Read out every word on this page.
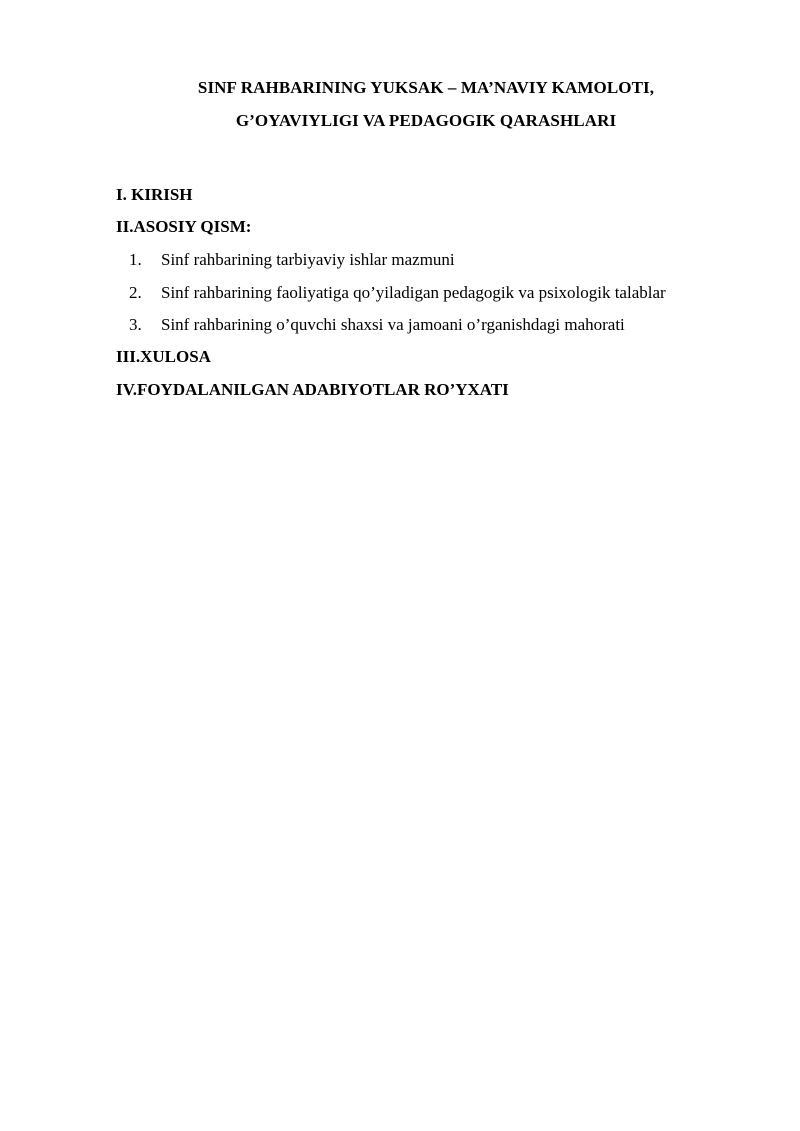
SINF RAHBARINING YUKSAK – MA’NAVIY KAMOLOTI,
G’OYAVIYLIGI VA PEDAGOGIK QARASHLARI
I. KIRISH
II.ASOSIY QISM:
1. Sinf rahbarining tarbiyaviy ishlar mazmuni
2. Sinf rahbarining faoliyatiga qo’yiladigan pedagogik va psixologik talablar
3. Sinf rahbarining o’quvchi shaxsi va jamoani o’rganishdagi mahorati
III.XULOSA
IV.FOYDALANILGAN ADABIYOTLAR RO’YXATI
